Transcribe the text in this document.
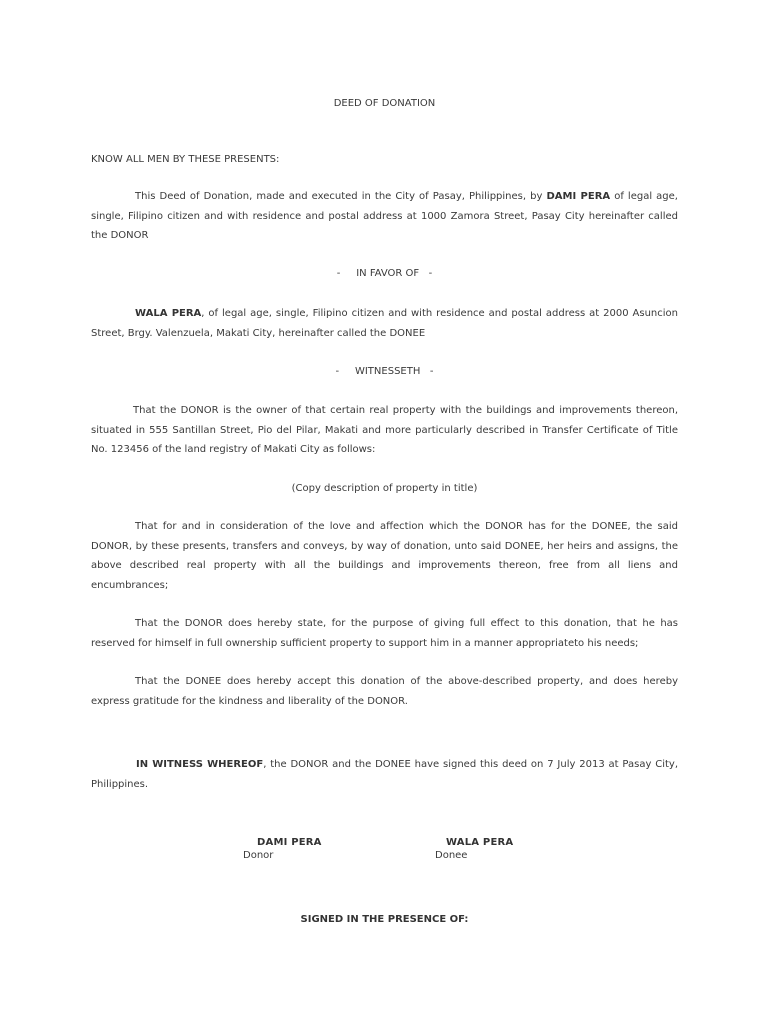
DEED OF DONATION
KNOW ALL MEN BY THESE PRESENTS:
This Deed of Donation, made and executed in the City of Pasay, Philippines, by DAMI PERA of legal age, single, Filipino citizen and with residence and postal address at 1000 Zamora Street, Pasay City hereinafter called the DONOR
-     IN FAVOR OF   -
WALA PERA, of legal age, single, Filipino citizen and with residence and postal address at 2000 Asuncion Street, Brgy. Valenzuela, Makati City, hereinafter called the DONEE
-     WITNESSETH   -
That the DONOR is the owner of that certain real property with the buildings and improvements thereon, situated in 555 Santillan Street, Pio del Pilar, Makati and more particularly described in Transfer Certificate of Title No. 123456 of the land registry of Makati City as follows:
(Copy description of property in title)
That for and in consideration of the love and affection which the DONOR has for the DONEE, the said DONOR, by these presents, transfers and conveys, by way of donation, unto said DONEE, her heirs and assigns, the above described real property with all the buildings and improvements thereon, free from all liens and encumbrances;
That the DONOR does hereby state, for the purpose of giving full effect to this donation, that he has reserved for himself in full ownership sufficient property to support him in a manner appropriateto his needs;
That the DONEE does hereby accept this donation of the above-described property, and does hereby express gratitude for the kindness and liberality of the DONOR.
IN WITNESS WHEREOF, the DONOR and the DONEE have signed this deed on 7 July 2013 at Pasay City, Philippines.
DAMI PERA
Donor
WALA PERA
Donee
SIGNED IN THE PRESENCE OF:
